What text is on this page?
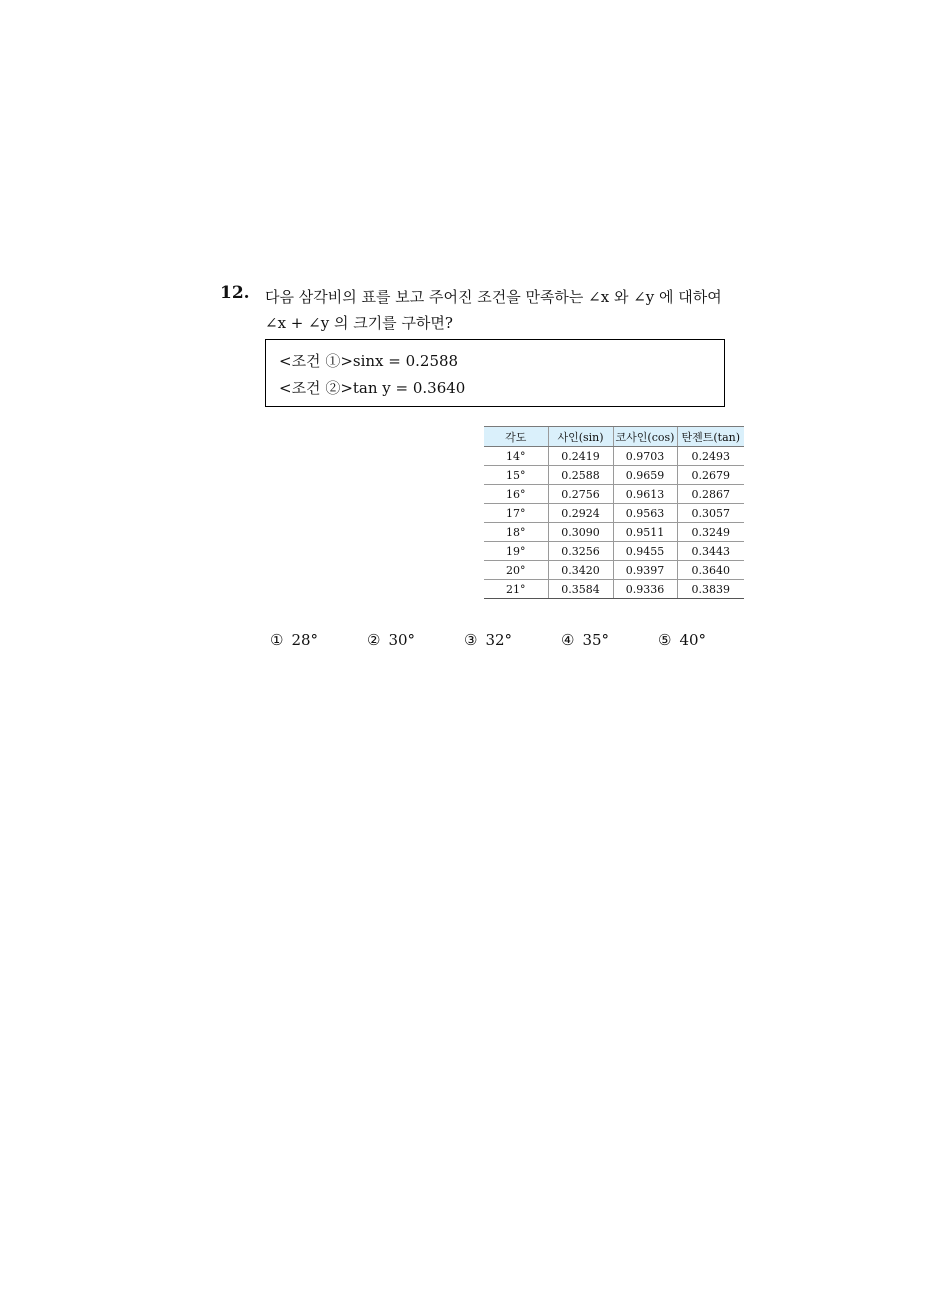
12. 다음 삼각비의 표를 보고 주어진 조건을 만족하는 ∠x 와 ∠y 에 대하여
∠x + ∠y 의 크기를 구하면?
<조건 ①>sinx = 0.2588
<조건 ②>tan y = 0.3640
각도	사인(sin)	코사인(cos)	탄젠트(tan)
14°	0.2419	0.9703	0.2493
15°	0.2588	0.9659	0.2679
16°	0.2756	0.9613	0.2867
17°	0.2924	0.9563	0.3057
18°	0.3090	0.9511	0.3249
19°	0.3256	0.9455	0.3443
20°	0.3420	0.9397	0.3640
21°	0.3584	0.9336	0.3839
① 28°	② 30°	③ 32°	④ 35°	⑤ 40°
